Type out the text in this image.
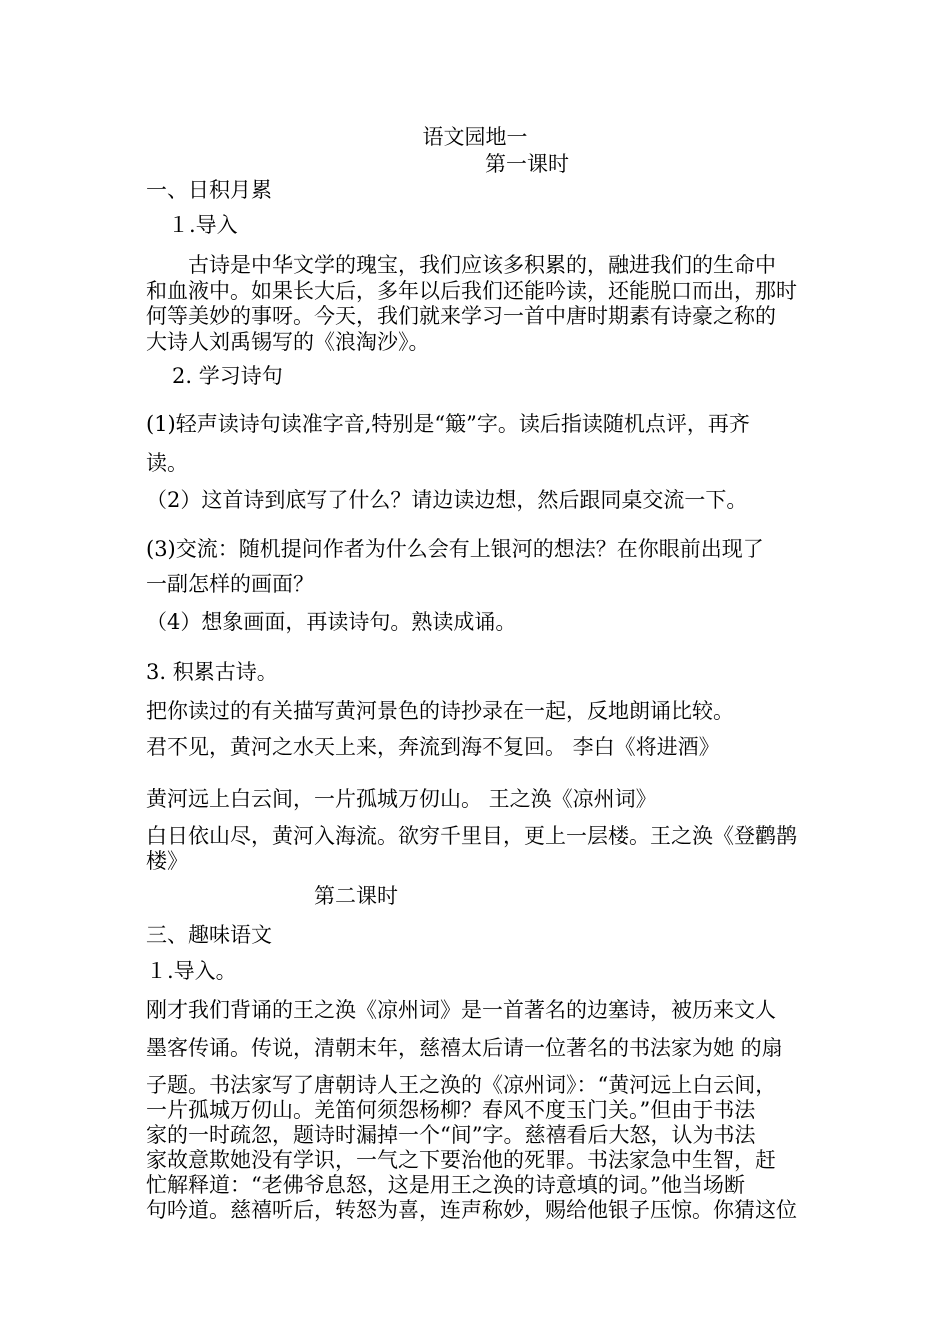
语文园地一

第一课时

一、日积月累

１.导入

古诗是中华文学的瑰宝，我们应该多积累的，融进我们的生命中

和血液中。如果长大后，多年以后我们还能吟读，还能脱口而出，那时

何等美妙的事呀。今天，我们就来学习一首中唐时期素有诗豪之称的

大诗人刘禹锡写的《浪淘沙》。

2. 学习诗句

(1)轻声读诗句读准字音,特别是“簸”字。读后指读随机点评，再齐

读。

（2）这首诗到底写了什么？请边读边想，然后跟同桌交流一下。

(3)交流：随机提问作者为什么会有上银河的想法？在你眼前出现了

一副怎样的画面？

（4）想象画面，再读诗句。熟读成诵。

3. 积累古诗。

把你读过的有关描写黄河景色的诗抄录在一起，反地朗诵比较。

君不见，黄河之水天上来，奔流到海不复回。 李白《将进酒》

黄河远上白云间，一片孤城万仞山。 王之涣《凉州词》

白日依山尽，黄河入海流。欲穷千里目，更上一层楼。王之涣《登鹳鹊

楼》

第二课时

三、趣味语文

１.导入。

刚才我们背诵的王之涣《凉州词》是一首著名的边塞诗，被历来文人

墨客传诵。传说，清朝末年，慈禧太后请一位著名的书法家为她 的扇

子题。书法家写了唐朝诗人王之涣的《凉州词》：“黄河远上白云间，

一片孤城万仞山。羌笛何须怨杨柳？春风不度玉门关。”但由于书法

家的一时疏忽，题诗时漏掉一个“间”字。慈禧看后大怒，认为书法

家故意欺她没有学识，一气之下要治他的死罪。书法家急中生智，赶

忙解释道：“老佛爷息怒，这是用王之涣的诗意填的词。”他当场断

句吟道。慈禧听后，转怒为喜，连声称妙，赐给他银子压惊。你猜这位
